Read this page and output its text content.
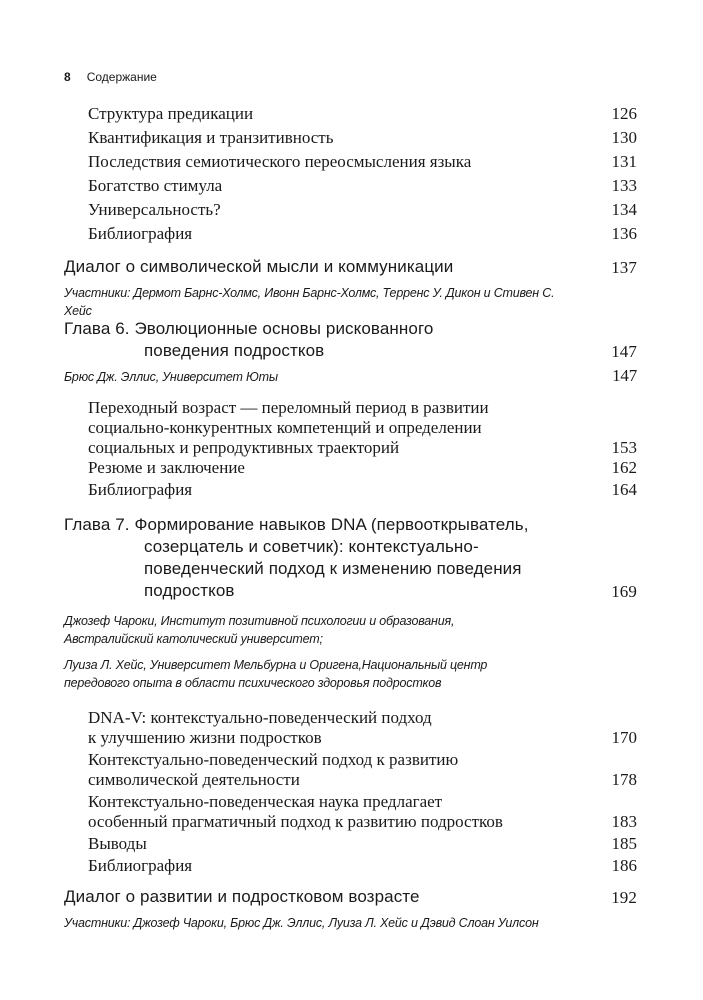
8 Содержание
Структура предикации	126
Квантификация и транзитивность	130
Последствия семиотического переосмысления языка	131
Богатство стимула	133
Универсальность?	134
Библиография	136
Диалог о символической мысли и коммуникации	137
Участники: Дермот Барнс-Холмс, Ивонн Барнс-Холмс, Терренс У. Дикон и Стивен С. Хейс
Глава 6. Эволюционные основы рискованного
поведения подростков	147
Брюс Дж. Эллис, Университет Юты	147
Переходный возраст — переломный период в развитии
социально-конкурентных компетенций и определении
социальных и репродуктивных траекторий	153
Резюме и заключение	162
Библиография	164
Глава 7. Формирование навыков DNA (первооткрыватель,
созерцатель и советчик): контекстуально-
поведенческий подход к изменению поведения
подростков	169
Джозеф Чароки, Институт позитивной психологии и образования,
Австралийский католический университет;
Луиза Л. Хейс, Университет Мельбурна и Оригена,Национальный центр
передового опыта в области психического здоровья подростков
DNA-V: контекстуально-поведенческий подход
к улучшению жизни подростков	170
Контекстуально-поведенческий подход к развитию
символической деятельности	178
Контекстуально-поведенческая наука предлагает
особенный прагматичный подход к развитию подростков	183
Выводы	185
Библиография	186
Диалог о развитии и подростковом возрасте	192
Участники: Джозеф Чароки, Брюс Дж. Эллис, Луиза Л. Хейс и Дэвид Слоан Уилсон
